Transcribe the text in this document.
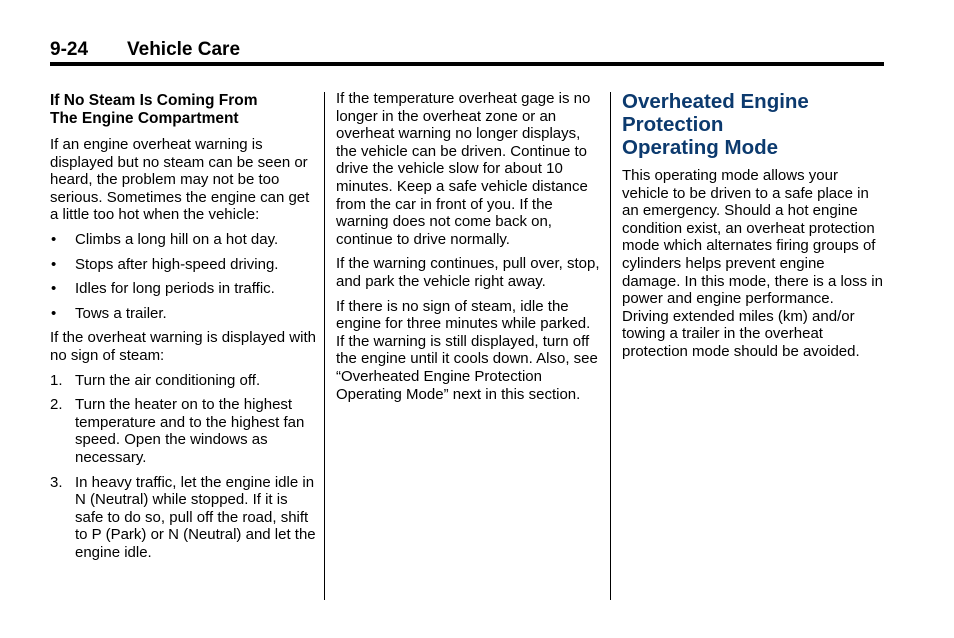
9-24 Vehicle Care
If No Steam Is Coming From
The Engine Compartment

If an engine overheat warning is displayed but no steam can be seen or heard, the problem may not be too serious. Sometimes the engine can get a little too hot when the vehicle:

• Climbs a long hill on a hot day.
• Stops after high-speed driving.
• Idles for long periods in traffic.
• Tows a trailer.

If the overheat warning is displayed with no sign of steam:

1. Turn the air conditioning off.
2. Turn the heater on to the highest temperature and to the highest fan speed. Open the windows as necessary.
3. In heavy traffic, let the engine idle in N (Neutral) while stopped. If it is safe to do so, pull off the road, shift to P (Park) or N (Neutral) and let the engine idle.

If the temperature overheat gage is no longer in the overheat zone or an overheat warning no longer displays, the vehicle can be driven. Continue to drive the vehicle slow for about 10 minutes. Keep a safe vehicle distance from the car in front of you. If the warning does not come back on, continue to drive normally.

If the warning continues, pull over, stop, and park the vehicle right away.

If there is no sign of steam, idle the engine for three minutes while parked. If the warning is still displayed, turn off the engine until it cools down. Also, see “Overheated Engine Protection Operating Mode” next in this section.

Overheated Engine
Protection
Operating Mode

This operating mode allows your vehicle to be driven to a safe place in an emergency. Should a hot engine condition exist, an overheat protection mode which alternates firing groups of cylinders helps prevent engine damage. In this mode, there is a loss in power and engine performance. Driving extended miles (km) and/or towing a trailer in the overheat protection mode should be avoided.
